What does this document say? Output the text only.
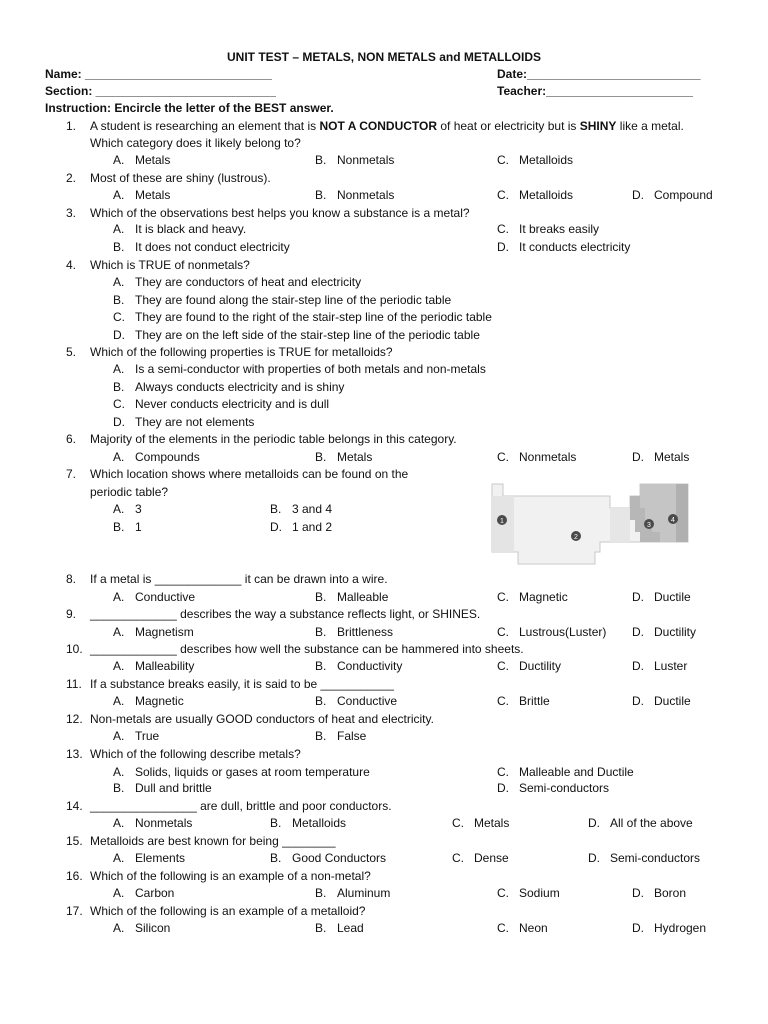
UNIT TEST – METALS, NON METALS and METALLOIDS
Name: ____________________________	Date:__________________________
Section: ___________________________	Teacher:______________________
Instruction: Encircle the letter of the BEST answer.
1. A student is researching an element that is NOT A CONDUCTOR of heat or electricity but is SHINY like a metal.
Which category does it likely belong to?
A. Metals	B. Nonmetals	C. Metalloids
2. Most of these are shiny (lustrous).
A. Metals	B. Nonmetals	C. Metalloids	D. Compound
3. Which of the observations best helps you know a substance is a metal?
A. It is black and heavy.	C. It breaks easily
B. It does not conduct electricity	D. It conducts electricity
4. Which is TRUE of nonmetals?
A. They are conductors of heat and electricity
B. They are found along the stair-step line of the periodic table
C. They are found to the right of the stair-step line of the periodic table
D. They are on the left side of the stair-step line of the periodic table
5. Which of the following properties is TRUE for metalloids?
A. Is a semi-conductor with properties of both metals and non-metals
B. Always conducts electricity and is shiny
C. Never conducts electricity and is dull
D. They are not elements
6. Majority of the elements in the periodic table belongs in this category.
A. Compounds	B. Metals	C. Nonmetals	D. Metals
7. Which location shows where metalloids can be found on the
periodic table?
A. 3	B. 3 and 4
B. 1	D. 1 and 2	1
2
3
4
8. If a metal is _____________ it can be drawn into a wire.
A. Conductive	B. Malleable	C. Magnetic	D. Ductile
9. _____________ describes the way a substance reflects light, or SHINES.
A. Magnetism	B. Brittleness	C. Lustrous(Luster) D. Ductility
10. _____________ describes how well the substance can be hammered into sheets.
A. Malleability	B. Conductivity	C. Ductility	D. Luster
11. If a substance breaks easily, it is said to be ___________
A. Magnetic	B. Conductive	C. Brittle	D. Ductile
12. Non-metals are usually GOOD conductors of heat and electricity.
A. True	B. False
13. Which of the following describe metals?
A. Solids, liquids or gases at room temperature	C. Malleable and Ductile
B. Dull and brittle	D. Semi-conductors
14. ________________ are dull, brittle and poor conductors.
A. Nonmetals	B. Metalloids	C. Metals	D. All of the above
15. Metalloids are best known for being ________
A. Elements	B. Good Conductors	C. Dense	D. Semi-conductors
16. Which of the following is an example of a non-metal?
A. Carbon	B. Aluminum	C. Sodium	D. Boron
17. Which of the following is an example of a metalloid?
A. Silicon	B. Lead	C. Neon	D. Hydrogen
